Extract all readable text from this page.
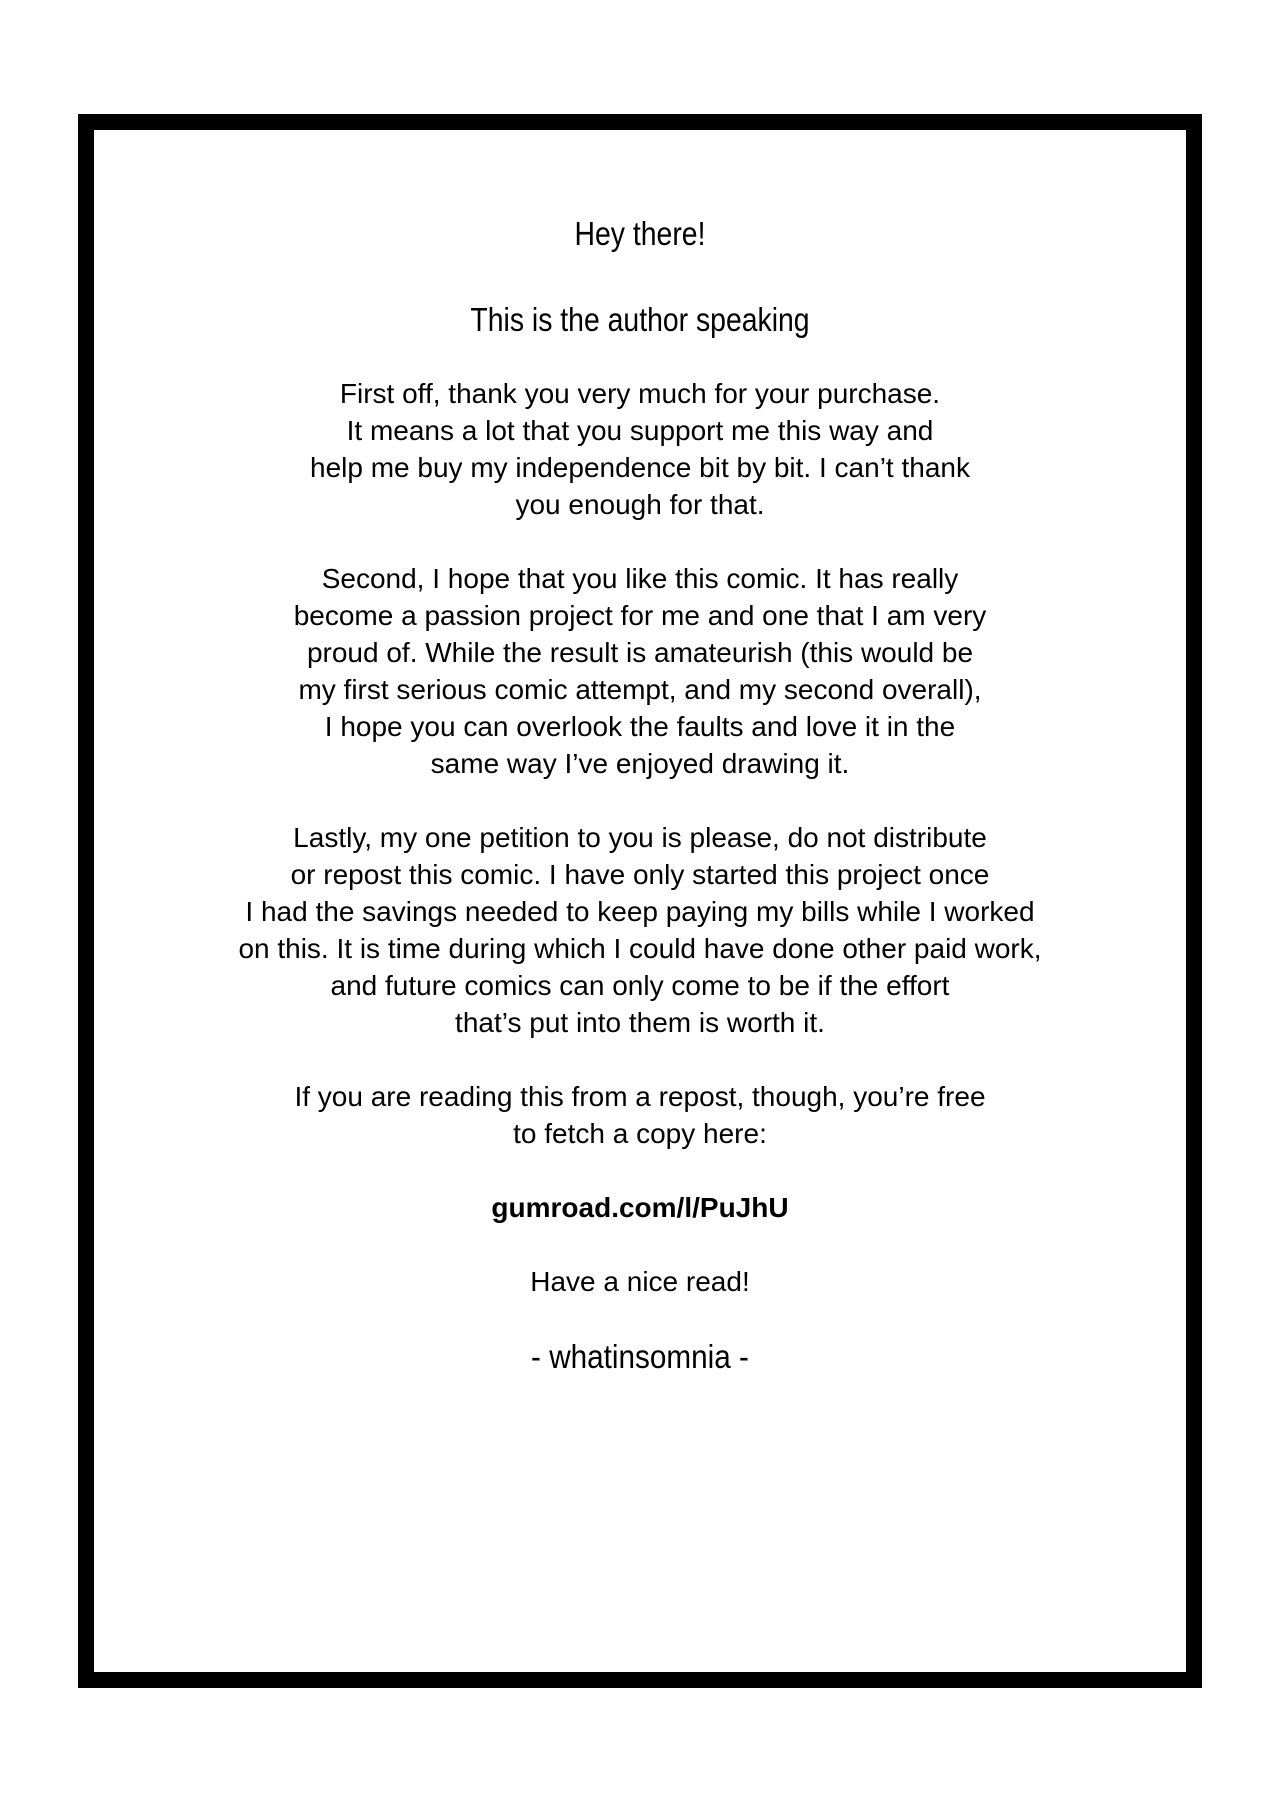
Hey there!
This is the author speaking
First off, thank you very much for your purchase.
It means a lot that you support me this way and
help me buy my independence bit by bit. I can’t thank
you enough for that.
Second, I hope that you like this comic. It has really
become a passion project for me and one that I am very
proud of. While the result is amateurish (this would be
my first serious comic attempt, and my second overall),
I hope you can overlook the faults and love it in the
same way I’ve enjoyed drawing it.
Lastly, my one petition to you is please, do not distribute
or repost this comic. I have only started this project once
I had the savings needed to keep paying my bills while I worked
on this. It is time during which I could have done other paid work,
and future comics can only come to be if the effort
that’s put into them is worth it.
If you are reading this from a repost, though, you’re free
to fetch a copy here:
gumroad.com/l/PuJhU
Have a nice read!
- whatinsomnia -
